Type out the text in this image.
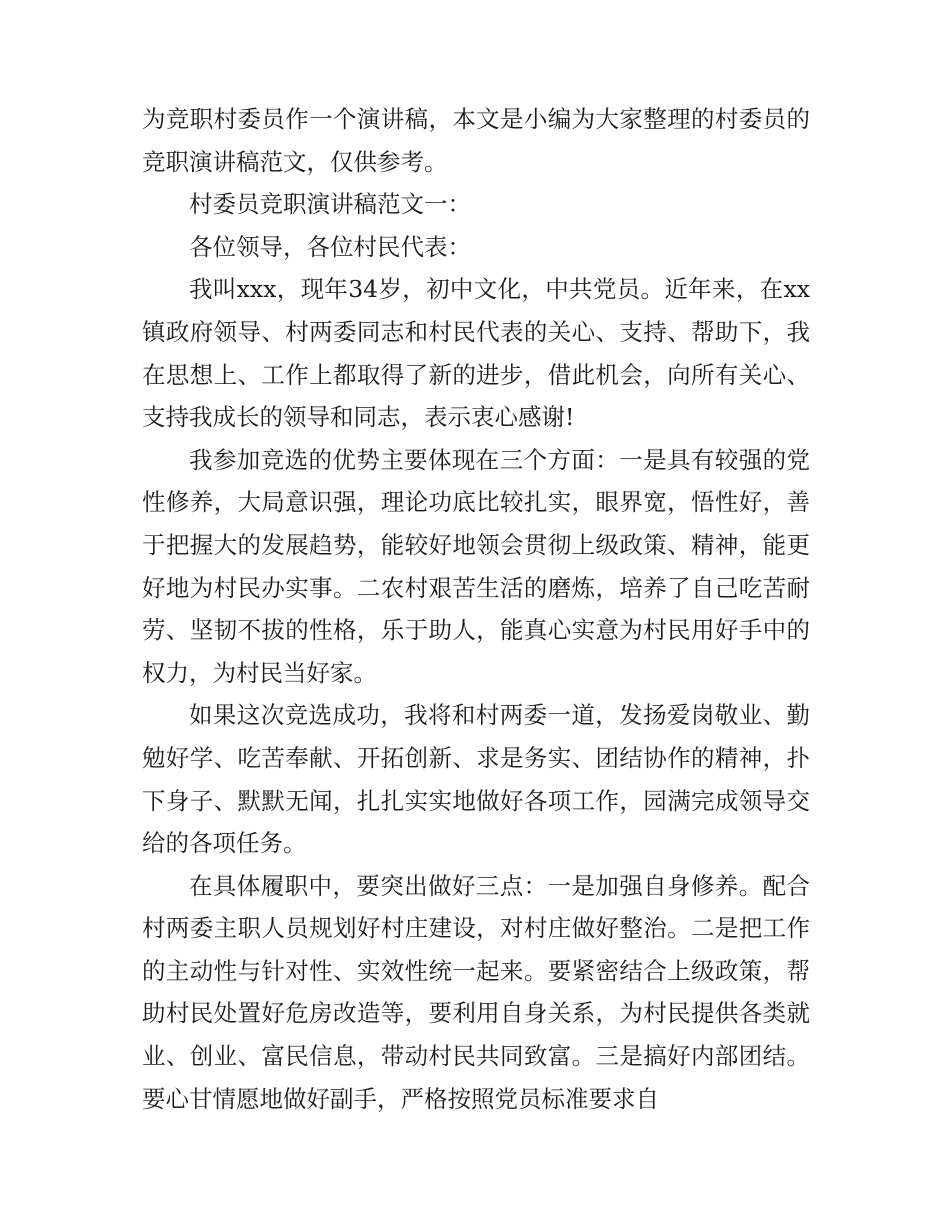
为竞职村委员作一个演讲稿，本文是小编为大家整理的村委员的竞职演讲稿范文，仅供参考。

村委员竞职演讲稿范文一：

各位领导，各位村民代表：

我叫xxx，现年34岁，初中文化，中共党员。近年来，在xx镇政府领导、村两委同志和村民代表的关心、支持、帮助下，我在思想上、工作上都取得了新的进步，借此机会，向所有关心、支持我成长的领导和同志，表示衷心感谢!

我参加竞选的优势主要体现在三个方面：一是具有较强的党性修养，大局意识强，理论功底比较扎实，眼界宽，悟性好，善于把握大的发展趋势，能较好地领会贯彻上级政策、精神，能更好地为村民办实事。二农村艰苦生活的磨炼，培养了自己吃苦耐劳、坚韧不拔的性格，乐于助人，能真心实意为村民用好手中的权力，为村民当好家。

如果这次竞选成功，我将和村两委一道，发扬爱岗敬业、勤勉好学、吃苦奉献、开拓创新、求是务实、团结协作的精神，扑下身子、默默无闻，扎扎实实地做好各项工作，园满完成领导交给的各项任务。

在具体履职中，要突出做好三点：一是加强自身修养。配合村两委主职人员规划好村庄建设，对村庄做好整治。二是把工作的主动性与针对性、实效性统一起来。要紧密结合上级政策，帮助村民处置好危房改造等，要利用自身关系，为村民提供各类就业、创业、富民信息，带动村民共同致富。三是搞好内部团结。要心甘情愿地做好副手，严格按照党员标准要求自
